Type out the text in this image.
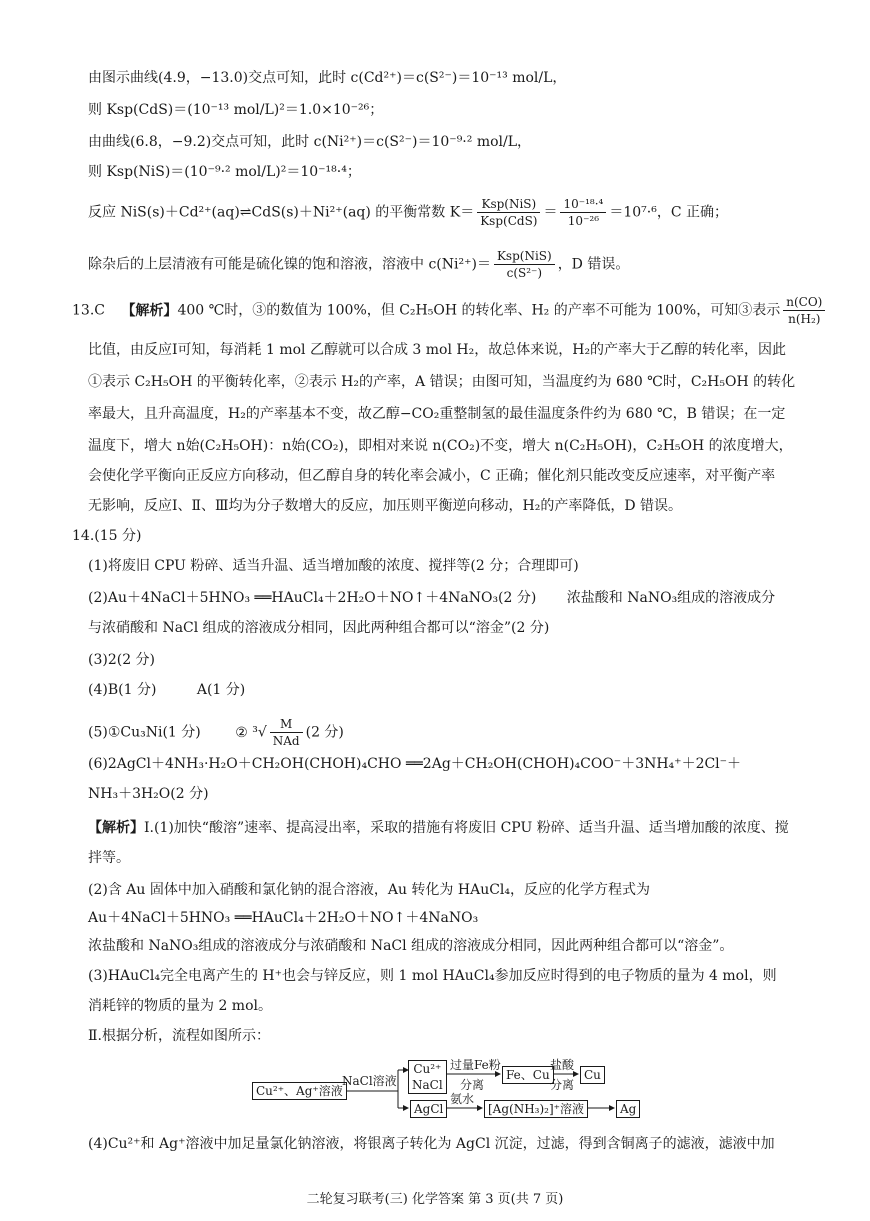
由图示曲线(4.9，−13.0)交点可知，此时 c(Cd²⁺)＝c(S²⁻)＝10⁻¹³ mol/L，
则 Ksp(CdS)＝(10⁻¹³ mol/L)²＝1.0×10⁻²⁶；
由曲线(6.8，−9.2)交点可知，此时 c(Ni²⁺)＝c(S²⁻)＝10⁻⁹·² mol/L，
则 Ksp(NiS)＝(10⁻⁹·² mol/L)²＝10⁻¹⁸·⁴；
反应 NiS(s)＋Cd²⁺(aq)⇌CdS(s)＋Ni²⁺(aq) 的平衡常数 $K= \frac{\text{Ksp(NiS)}}{\text{Ksp(CdS)}} = \frac{\text{10⁻¹⁸·⁴}}{\text{10⁻²⁶}} =10^7\cdot^6$，C 正确；
除杂后的上层清液有可能是硫化镍的饱和溶液，溶液中 $c(Ni^{2+})= \frac{\text{Ksp(NiS)}}{\text{c(S²⁻)}}$ ，D 错误。
13.C 【解析】400 ℃时，③的数值为 100%，但 C₂H₅OH 的转化率、H₂ 的产率不可能为 100%，可知③表示 $\frac{n(CO)}{\text{n(H₂)}}$
比值，由反应Ⅰ可知，每消耗 1 mol 乙醇就可以合成 3 mol H₂，故总体来说，H₂的产率大于乙醇的转化率，因此
①表示 C₂H₅OH 的平衡转化率，②表示 H₂的产率，A 错误；由图可知，当温度约为 680 ℃时，C₂H₅OH 的转化
率最大，且升高温度，H₂的产率基本不变，故乙醇−CO₂重整制氢的最佳温度条件约为 680 ℃，B 错误；在一定
温度下，增大 n始(C₂H₅OH)：n始(CO₂)，即相对来说 n(CO₂)不变，增大 n(C₂H₅OH)，C₂H₅OH 的浓度增大，
会使化学平衡向正反应方向移动，但乙醇自身的转化率会减小，C 正确；催化剂只能改变反应速率，对平衡产率
无影响，反应Ⅰ、Ⅱ、Ⅲ均为分子数增大的反应，加压则平衡逆向移动，H₂的产率降低，D 错误。
14.(15 分)
(1)将废旧 CPU 粉碎、适当升温、适当增加酸的浓度、搅拌等(2 分；合理即可)
(2)Au＋4NaCl＋5HNO₃ ══HAuCl₄＋2H₂O＋NO↑＋4NaNO₃(2 分) 浓盐酸和 NaNO₃组成的溶液成分
与浓硝酸和 NaCl 组成的溶液成分相同，因此两种组合都可以“溶金”(2 分)
(3)2(2 分)
(4)B(1 分)	A(1 分)
(5)①Cu₃Ni(1 分) ② $^3√ \frac{M}{\text{NAd}} (2$ 分)
(6)2AgCl＋4NH₃·H₂O＋CH₂OH(CHOH)₄CHO ══2Ag＋CH₂OH(CHOH)₄COO⁻＋3NH₄⁺＋2Cl⁻＋
NH₃＋3H₂O(2 分)
【解析】Ⅰ.(1)加快“酸溶”速率、提高浸出率，采取的措施有将废旧 CPU 粉碎、适当升温、适当增加酸的浓度、搅
拌等。
(2)含 Au 固体中加入硝酸和氯化钠的混合溶液，Au 转化为 HAuCl₄，反应的化学方程式为
Au＋4NaCl＋5HNO₃ ══HAuCl₄＋2H₂O＋NO↑＋4NaNO₃
浓盐酸和 NaNO₃组成的溶液成分与浓硝酸和 NaCl 组成的溶液成分相同，因此两种组合都可以“溶金”。
(3)HAuCl₄完全电离产生的 H⁺也会与锌反应，则 1 mol HAuCl₄参加反应时得到的电子物质的量为 4 mol，则
消耗锌的物质的量为 2 mol。
Ⅱ.根据分析，流程如图所示：
Cu²⁺、Ag⁺溶液
NaCl溶液
Cu²⁺
NaCl
过量Fe粉
分离
Fe、Cu
盐酸
分离
Cu
AgCl
氨水
[Ag(NH₃)₂]⁺溶液	Ag
(4)Cu²⁺和 Ag⁺溶液中加足量氯化钠溶液，将银离子转化为 AgCl 沉淀，过滤，得到含铜离子的滤液，滤液中加
二轮复习联考(三) 化学答案 第 3 页(共 7 页)
